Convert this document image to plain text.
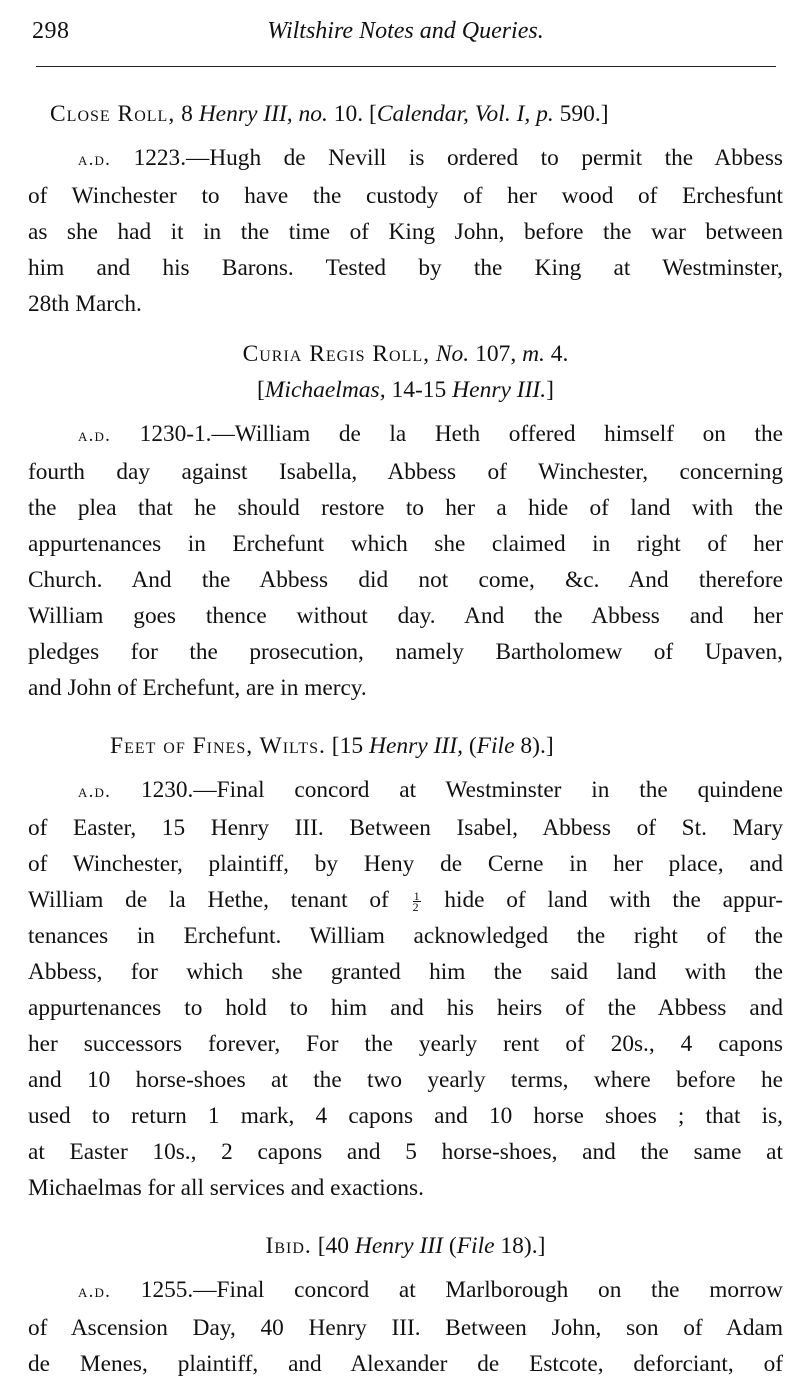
298	Wiltshire Notes and Queries.
Close Roll, 8 Henry III, no. 10. [Calendar, Vol. I, p. 590.]
a.d. 1223.—Hugh de Nevill is ordered to permit the Abbess
of Winchester to have the custody of her wood of Erchesfunt
as she had it in the time of King John, before the war between
him and his Barons. Tested by the King at Westminster,
28th March.
Curia Regis Roll, No. 107, m. 4.
[Michaelmas, 14-15 Henry III.]
a.d. 1230-1.—William de la Heth offered himself on the
fourth day against Isabella, Abbess of Winchester, concerning
the plea that he should restore to her a hide of land with the
appurtenances in Erchefunt which she claimed in right of her
Church. And the Abbess did not come, &c. And therefore
William goes thence without day. And the Abbess and her
pledges for the prosecution, namely Bartholomew of Upaven,
and John of Erchefunt, are in mercy.
Feet of Fines, Wilts. [15 Henry III, (File 8).]
a.d. 1230.—Final concord at Westminster in the quindene
of Easter, 15 Henry III. Between Isabel, Abbess of St. Mary
of Winchester, plaintiff, by Heny de Cerne in her place, and
William de la Hethe, tenant of $\frac{1}{2}$ hide of land with the appur-
tenances in Erchefunt. William acknowledged the right of the
Abbess, for which she granted him the said land with the
appurtenances to hold to him and his heirs of the Abbess and
her successors forever, For the yearly rent of 20s., 4 capons
and 10 horse-shoes at the two yearly terms, where before he
used to return 1 mark, 4 capons and 10 horse shoes ; that is,
at Easter 10s., 2 capons and 5 horse-shoes, and the same at
Michaelmas for all services and exactions.
Ibid. [40 Henry III (File 18).]
a.d. 1255.—Final concord at Marlborough on the morrow
of Ascension Day, 40 Henry III. Between John, son of Adam
de Menes, plaintiff, and Alexander de Estcote, deforciant, of
